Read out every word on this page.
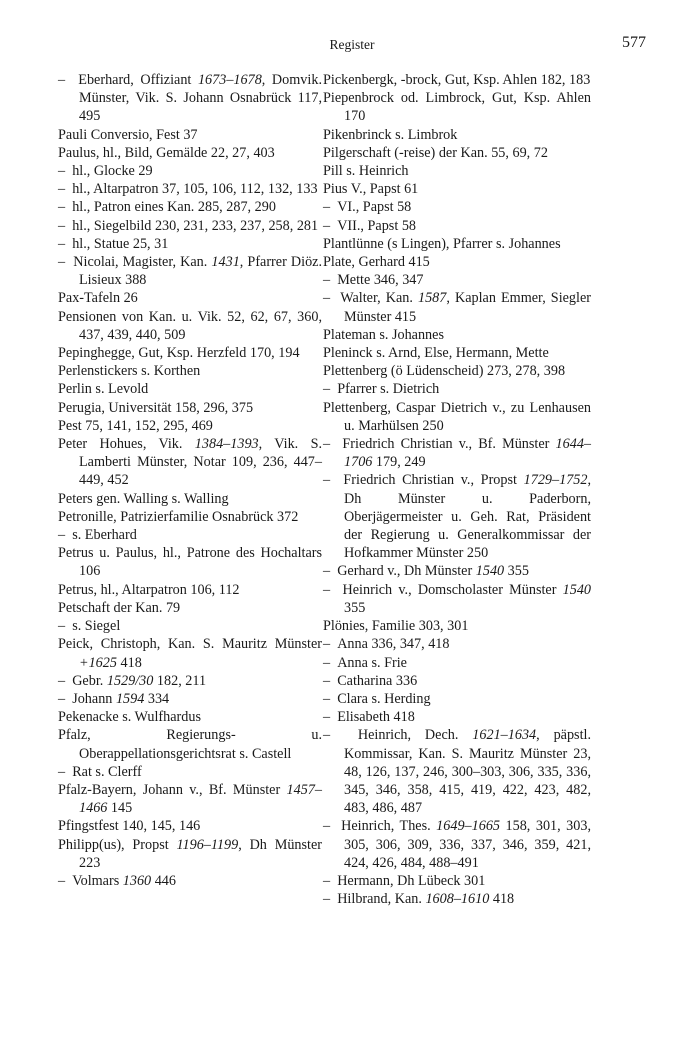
Register	577
–  Eberhard, Offiziant 1673–1678, Domvik. Münster, Vik. S. Johann Osnabrück 117, 495
Pauli Conversio, Fest 37
Paulus, hl., Bild, Gemälde 22, 27, 403
–  hl., Glocke 29
–  hl., Altarpatron 37, 105, 106, 112, 132, 133
–  hl., Patron eines Kan. 285, 287, 290
–  hl., Siegelbild 230, 231, 233, 237, 258, 281
–  hl., Statue 25, 31
–  Nicolai, Magister, Kan. 1431, Pfarrer Diöz. Lisieux 388
Pax-Tafeln 26
Pensionen von Kan. u. Vik. 52, 62, 67, 360, 437, 439, 440, 509
Pepinghegge, Gut, Ksp. Herzfeld 170, 194
Perlenstickers s. Korthen
Perlin s. Levold
Perugia, Universität 158, 296, 375
Pest 75, 141, 152, 295, 469
Peter Hohues, Vik. 1384–1393, Vik. S. Lamberti Münster, Notar 109, 236, 447–449, 452
Peters gen. Walling s. Walling
Petronille, Patrizierfamilie Osnabrück 372
–  s. Eberhard
Petrus u. Paulus, hl., Patrone des Hochaltars 106
Petrus, hl., Altarpatron 106, 112
Petschaft der Kan. 79
–  s. Siegel
Peick, Christoph, Kan. S. Mauritz Münster +1625 418
–  Gebr. 1529/30 182, 211
–  Johann 1594 334
Pekenacke s. Wulfhardus
Pfalz, Regierungs- u. Oberappellationsgerichtsrat s. Castell
–  Rat s. Clerff
Pfalz-Bayern, Johann v., Bf. Münster 1457–1466 145
Pfingstfest 140, 145, 146
Philipp(us), Propst 1196–1199, Dh Münster 223
–  Volmars 1360 446
Pickenbergk, -brock, Gut, Ksp. Ahlen 182, 183
Piepenbrock od. Limbrock, Gut, Ksp. Ahlen 170
Pikenbrinck s. Limbrok
Pilgerschaft (-reise) der Kan. 55, 69, 72
Pill s. Heinrich
Pius V., Papst 61
–  VI., Papst 58
–  VII., Papst 58
Plantlünne (s Lingen), Pfarrer s. Johannes
Plate, Gerhard 415
–  Mette 346, 347
–  Walter, Kan. 1587, Kaplan Emmer, Siegler Münster 415
Plateman s. Johannes
Pleninck s. Arnd, Else, Hermann, Mette
Plettenberg (ö Lüdenscheid) 273, 278, 398
–  Pfarrer s. Dietrich
Plettenberg, Caspar Dietrich v., zu Lenhausen u. Marhülsen 250
–  Friedrich Christian v., Bf. Münster 1644–1706 179, 249
–  Friedrich Christian v., Propst 1729–1752, Dh Münster u. Paderborn, Oberjägermeister u. Geh. Rat, Präsident der Regierung u. Generalkommissar der Hofkammer Münster 250
–  Gerhard v., Dh Münster 1540 355
–  Heinrich v., Domscholaster Münster 1540 355
Plönies, Familie 303, 301
–  Anna 336, 347, 418
–  Anna s. Frie
–  Catharina 336
–  Clara s. Herding
–  Elisabeth 418
–  Heinrich, Dech. 1621–1634, päpstl. Kommissar, Kan. S. Mauritz Münster 23, 48, 126, 137, 246, 300–303, 306, 335, 336, 345, 346, 358, 415, 419, 422, 423, 482, 483, 486, 487
–  Heinrich, Thes. 1649–1665 158, 301, 303, 305, 306, 309, 336, 337, 346, 359, 421, 424, 426, 484, 488–491
–  Hermann, Dh Lübeck 301
–  Hilbrand, Kan. 1608–1610 418
